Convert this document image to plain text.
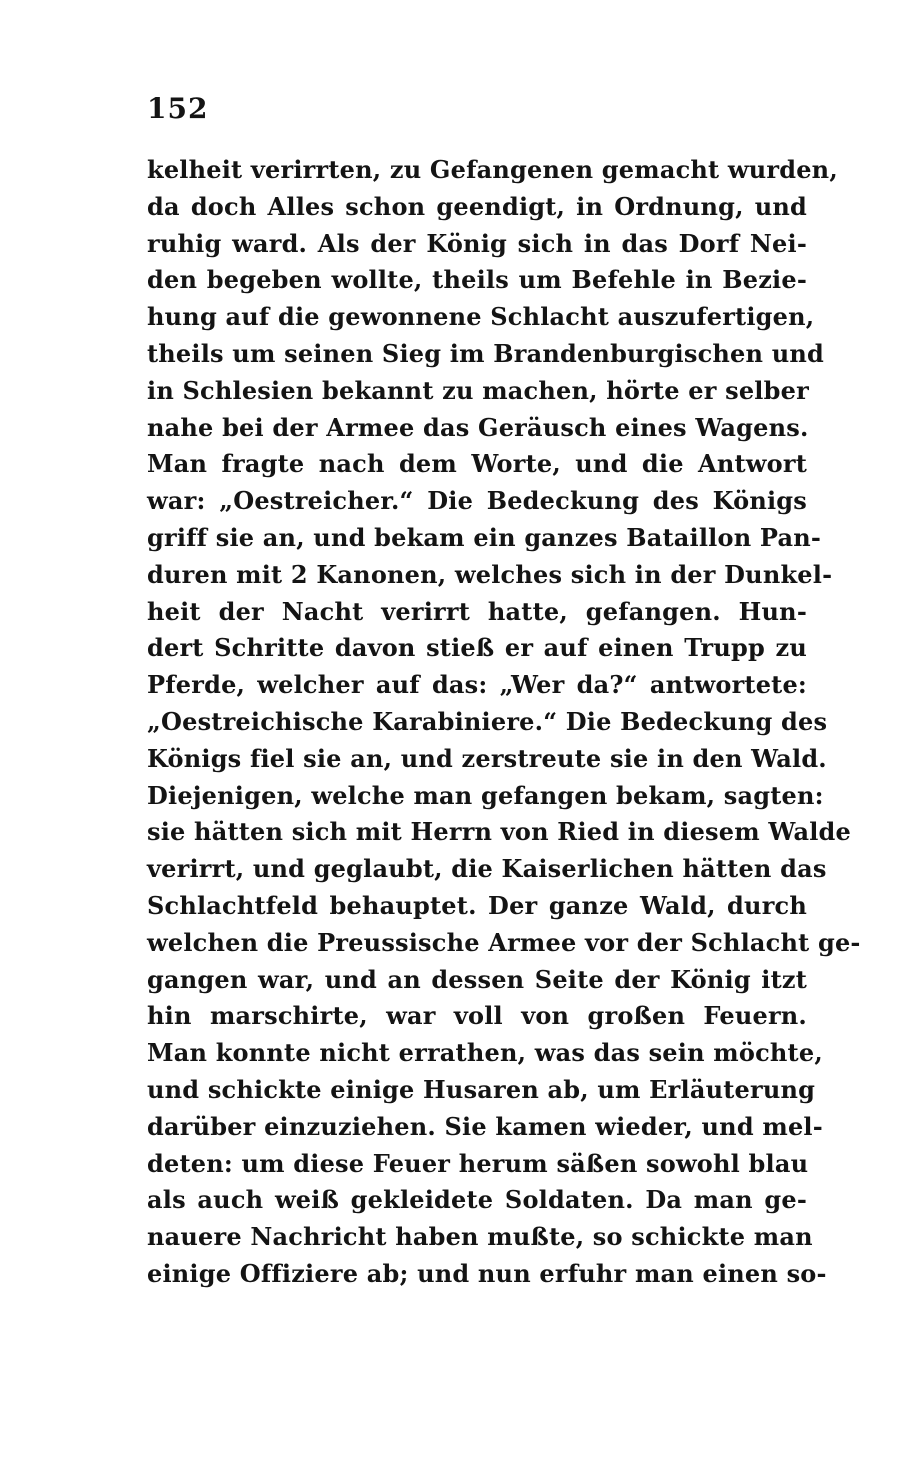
152
kelheit verirrten, zu Gefangenen gemacht wurden,
da doch Alles schon geendigt, in Ordnung, und
ruhig ward. Als der König sich in das Dorf Nei-
den begeben wollte, theils um Befehle in Bezie-
hung auf die gewonnene Schlacht auszufertigen,
theils um seinen Sieg im Brandenburgischen und
in Schlesien bekannt zu machen, hörte er selber
nahe bei der Armee das Geräusch eines Wagens.
Man fragte nach dem Worte, und die Antwort
war: „Oestreicher.“ Die Bedeckung des Königs
griff sie an, und bekam ein ganzes Bataillon Pan-
duren mit 2 Kanonen, welches sich in der Dunkel-
heit der Nacht verirrt hatte, gefangen. Hun-
dert Schritte davon stieß er auf einen Trupp zu
Pferde, welcher auf das: „Wer da?“ antwortete:
„Oestreichische Karabiniere.“ Die Bedeckung des
Königs fiel sie an, und zerstreute sie in den Wald.
Diejenigen, welche man gefangen bekam, sagten:
sie hätten sich mit Herrn von Ried in diesem Walde
verirrt, und geglaubt, die Kaiserlichen hätten das
Schlachtfeld behauptet. Der ganze Wald, durch
welchen die Preussische Armee vor der Schlacht ge-
gangen war, und an dessen Seite der König itzt
hin marschirte, war voll von großen Feuern.
Man konnte nicht errathen, was das sein möchte,
und schickte einige Husaren ab, um Erläuterung
darüber einzuziehen. Sie kamen wieder, und mel-
deten: um diese Feuer herum säßen sowohl blau
als auch weiß gekleidete Soldaten. Da man ge-
nauere Nachricht haben mußte, so schickte man
einige Offiziere ab; und nun erfuhr man einen so-
